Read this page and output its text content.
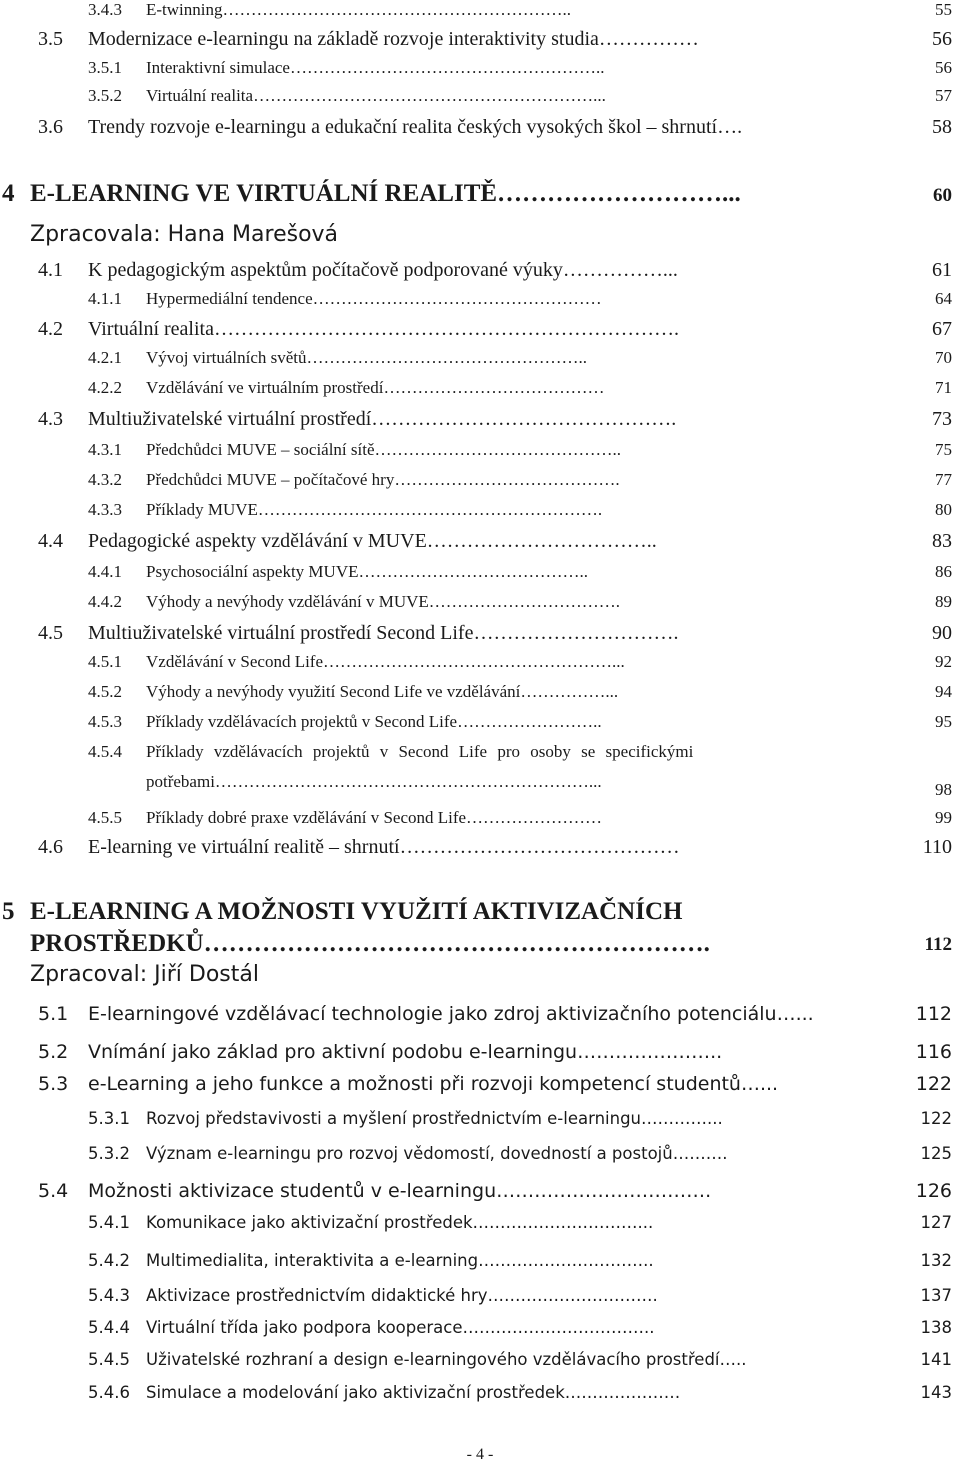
3.4.3 E-twinning……………………………………………………..	55
3.5 Modernizace e-learningu na základě rozvoje interaktivity studia……………	56
3.5.1 Interaktivní simulace………………………………………………..	56
3.5.2 Virtuální realita……………………………………………………...	57
3.6 Trendy rozvoje e-learningu a edukační realita českých vysokých škol – shrnutí….	58
4 E-LEARNING VE VIRTUÁLNÍ REALITĚ………………………...	60
Zpracovala: Hana Marešová
4.1 K pedagogickým aspektům počítačově podporované výuky……………...	61
4.1.1 Hypermediální tendence……………………………………………	64
4.2 Virtuální realita…………………………………………………………….	67
4.2.1 Vývoj virtuálních světů…………………………………………..	70
4.2.2 Vzdělávání ve virtuálním prostředí…………………………………	71
4.3 Multiuživatelské virtuální prostředí……………………………………….	73
4.3.1 Předchůdci MUVE – sociální sítě……………………………………..	75
4.3.2 Předchůdci MUVE – počítačové hry………………………………….	77
4.3.3 Příklady MUVE…………………………………………………….	80
4.4 Pedagogické aspekty vzdělávání v MUVE……………………………..	83
4.4.1 Psychosociální aspekty MUVE…………………………………..	86
4.4.2 Výhody a nevýhody vzdělávání v MUVE…………………………….	89
4.5 Multiuživatelské virtuální prostředí Second Life………………………….	90
4.5.1 Vzdělávání v Second Life……………………………………………...	92
4.5.2 Výhody a nevýhody využití Second Life ve vzdělávání……………...	94
4.5.3 Příklady vzdělávacích projektů v Second Life……………………..	95
4.5.4 Příklady vzdělávacích projektů v Second Life pro osoby se specifickými
potřebami…………………………………………………………...	98
4.5.5 Příklady dobré praxe vzdělávání v Second Life……………………	99
4.6 E-learning ve virtuální realitě – shrnutí……………………………………	110
5 E-LEARNING A MOŽNOSTI VYUŽITÍ AKTIVIZAČNÍCH
PROSTŘEDKŮ…………………………………………………….	112
Zpracoval: Jiří Dostál
5.1 E-learningové vzdělávací technologie jako zdroj aktivizačního potenciálu…...	112
5.2 Vnímání jako základ pro aktivní podobu e-learningu…………………..	116
5.3 e-Learning a jeho funkce a možnosti při rozvoji kompetencí studentů…...	122
5.3.1 Rozvoj představivosti a myšlení prostřednictvím e-learningu…………...	122
5.3.2 Význam e-learningu pro rozvoj vědomostí, dovedností a postojů……….	125
5.4 Možnosti aktivizace studentů v e-learningu…………………………….	126
5.4.1 Komunikace jako aktivizační prostředek…………………………...	127
5.4.2 Multimedialita, interaktivita a e-learning…………………………..	132
5.4.3 Aktivizace prostřednictvím didaktické hry………………………….	137
5.4.4 Virtuální třída jako podpora kooperace……………………………..	138
5.4.5 Uživatelské rozhraní a design e-learningového vzdělávacího prostředí…..	141
5.4.6 Simulace a modelování jako aktivizační prostředek…………………	143
- 4 -
